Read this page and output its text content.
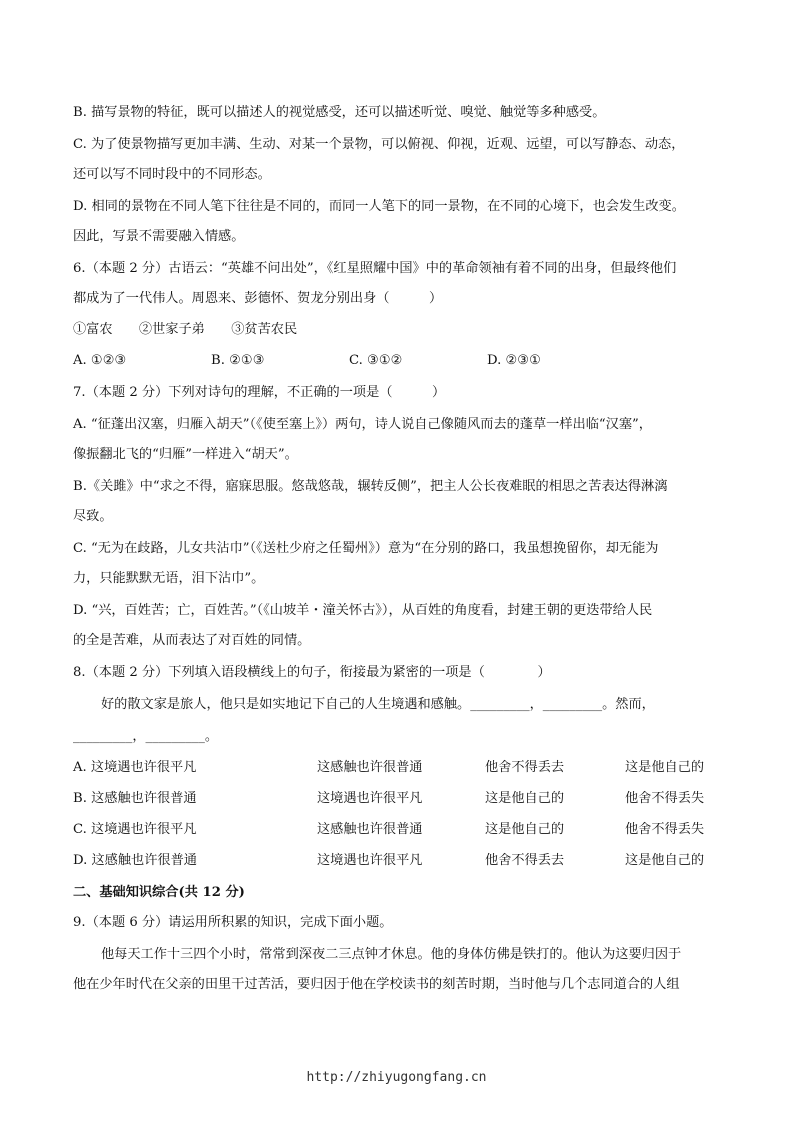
B. 描写景物的特征，既可以描述人的视觉感受，还可以描述听觉、嗅觉、触觉等多种感受。
C. 为了使景物描写更加丰满、生动、对某一个景物，可以俯视、仰视，近观、远望，可以写静态、动态，
还可以写不同时段中的不同形态。
D. 相同的景物在不同人笔下往往是不同的，而同一人笔下的同一景物，在不同的心境下，也会发生改变。
因此，写景不需要融入情感。
6.（本题 2 分）古语云：“英雄不问出处”，《红星照耀中国》中的革命领袖有着不同的出身，但最终他们
都成为了一代伟人。周恩来、彭德怀、贺龙分别出身（　　　）
①富农　　②世家子弟　　③贫苦农民
A. ①②③	B. ②①③	C. ③①②	D. ②③①
7.（本题 2 分）下列对诗句的理解，不正确的一项是（　　　）
A. “征蓬出汉塞，归雁入胡天”（《使至塞上》）两句，诗人说自己像随风而去的蓬草一样出临“汉塞”，
像振翻北飞的“归雁”一样进入“胡天”。
B.《关雎》中“求之不得，寤寐思服。悠哉悠哉，辗转反侧”，把主人公长夜难眠的相思之苦表达得淋漓
尽致。
C. “无为在歧路，儿女共沾巾”（《送杜少府之任蜀州》）意为“在分别的路口，我虽想挽留你，却无能为
力，只能默默无语，泪下沾巾”。
D. “兴，百姓苦；亡，百姓苦。”（《山坡羊・潼关怀古》），从百姓的角度看，封建王朝的更迭带给人民
的全是苦难，从而表达了对百姓的同情。
8.（本题 2 分）下列填入语段横线上的句子，衔接最为紧密的一项是（　　　　）
好的散文家是旅人，他只是如实地记下自己的人生境遇和感触。_________，_________。然而，
_________，_________。
A. 这境遇也许很平凡	这感触也许很普通	他舍不得丢去	这是他自己的
B. 这感触也许很普通	这境遇也许很平凡	这是他自己的	他舍不得丢失
C. 这境遇也许很平凡	这感触也许很普通	这是他自己的	他舍不得丢失
D. 这感触也许很普通	这境遇也许很平凡	他舍不得丢去	这是他自己的
二、基础知识综合(共 12 分)
9.（本题 6 分）请运用所积累的知识，完成下面小题。
他每天工作十三四个小时，常常到深夜二三点钟才休息。他的身体仿佛是铁打的。他认为这要归因于
他在少年时代在父亲的田里干过苦活，要归因于他在学校读书的刻苦时期，当时他与几个志同道合的人组
http://zhiyugongfang.cn
